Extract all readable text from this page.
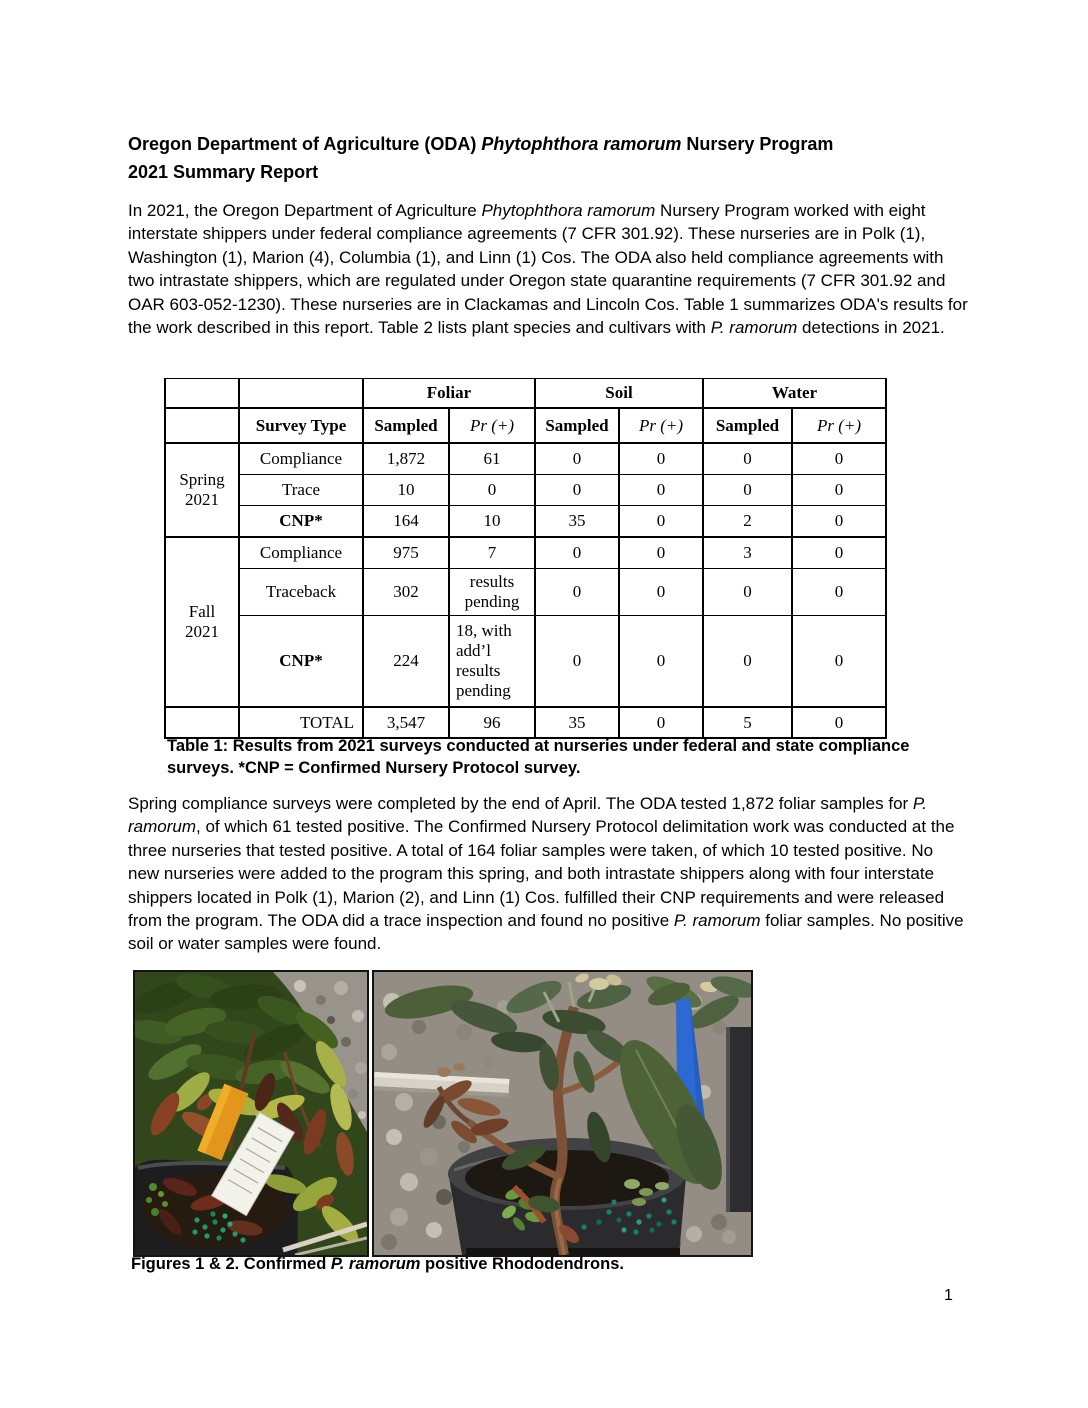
Oregon Department of Agriculture (ODA) Phytophthora ramorum Nursery Program
2021 Summary Report
In 2021, the Oregon Department of Agriculture Phytophthora ramorum Nursery Program worked with eight interstate shippers under federal compliance agreements (7 CFR 301.92). These nurseries are in Polk (1), Washington (1), Marion (4), Columbia (1), and Linn (1) Cos. The ODA also held compliance agreements with two intrastate shippers, which are regulated under Oregon state quarantine requirements (7 CFR 301.92 and OAR 603-052-1230). These nurseries are in Clackamas and Lincoln Cos. Table 1 summarizes ODA's results for the work described in this report. Table 2 lists plant species and cultivars with P. ramorum detections in 2021.
		Foliar		Soil		Water	
	Survey Type	Sampled	Pr (+)	Sampled	Pr (+)	Sampled	Pr (+)
Spring 2021	Compliance	1,872	61	0	0	0	0
	Trace	10	0	0	0	0	0
	CNP*	164	10	35	0	2	0
Fall 2021	Compliance	975	7	0	0	3	0
	Traceback	302	results pending	0	0	0	0
	CNP*	224	18, with add’l results pending	0	0	0	0
	TOTAL	3,547	96	35	0	5	0
Table 1: Results from 2021 surveys conducted at nurseries under federal and state compliance surveys. *CNP = Confirmed Nursery Protocol survey.
Spring compliance surveys were completed by the end of April. The ODA tested 1,872 foliar samples for P. ramorum, of which 61 tested positive. The Confirmed Nursery Protocol delimitation work was conducted at the three nurseries that tested positive. A total of 164 foliar samples were taken, of which 10 tested positive. No new nurseries were added to the program this spring, and both intrastate shippers along with four interstate shippers located in Polk (1), Marion (2), and Linn (1) Cos. fulfilled their CNP requirements and were released from the program. The ODA did a trace inspection and found no positive P. ramorum foliar samples. No positive soil or water samples were found.
Figures 1 & 2. Confirmed P. ramorum positive Rhododendrons.
1
